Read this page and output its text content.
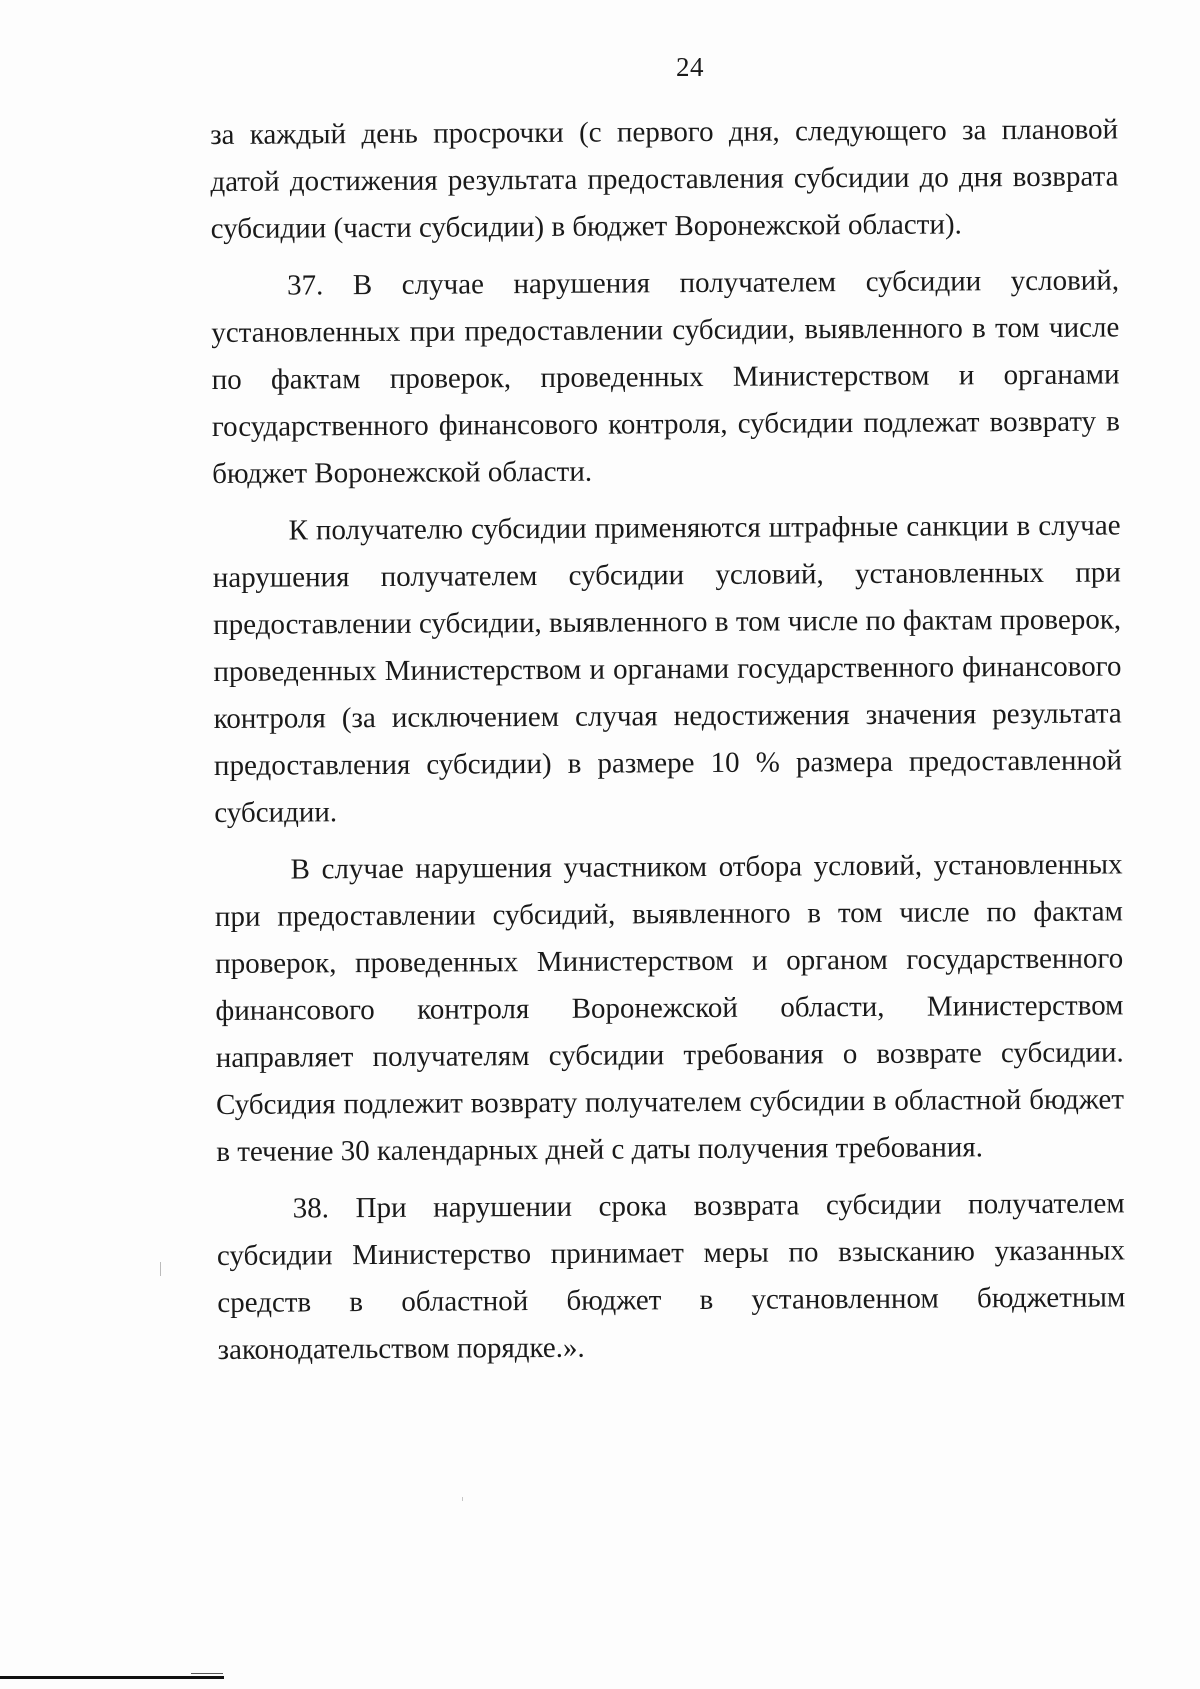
24

за каждый день просрочки (с первого дня, следующего за плановой датой достижения результата предоставления субсидии до дня возврата субсидии (части субсидии) в бюджет Воронежской области).

37. В случае нарушения получателем субсидии условий, установленных при предоставлении субсидии, выявленного в том числе по фактам проверок, проведенных Министерством и органами государственного финансового контроля, субсидии подлежат возврату в бюджет Воронежской области.

К получателю субсидии применяются штрафные санкции в случае нарушения получателем субсидии условий, установленных при предоставлении субсидии, выявленного в том числе по фактам проверок, проведенных Министерством и органами государственного финансового контроля (за исключением случая недостижения значения результата предоставления субсидии) в размере 10 % размера предоставленной субсидии.

В случае нарушения участником отбора условий, установленных при предоставлении субсидий, выявленного в том числе по фактам проверок, проведенных Министерством и органом государственного финансового контроля Воронежской области, Министерством направляет получателям субсидии требования о возврате субсидии. Субсидия подлежит возврату получателем субсидии в областной бюджет в течение 30 календарных дней с даты получения требования.

38. При нарушении срока возврата субсидии получателем субсидии Министерство принимает меры по взысканию указанных средств в областной бюджет в установленном бюджетным законодательством порядке.».
